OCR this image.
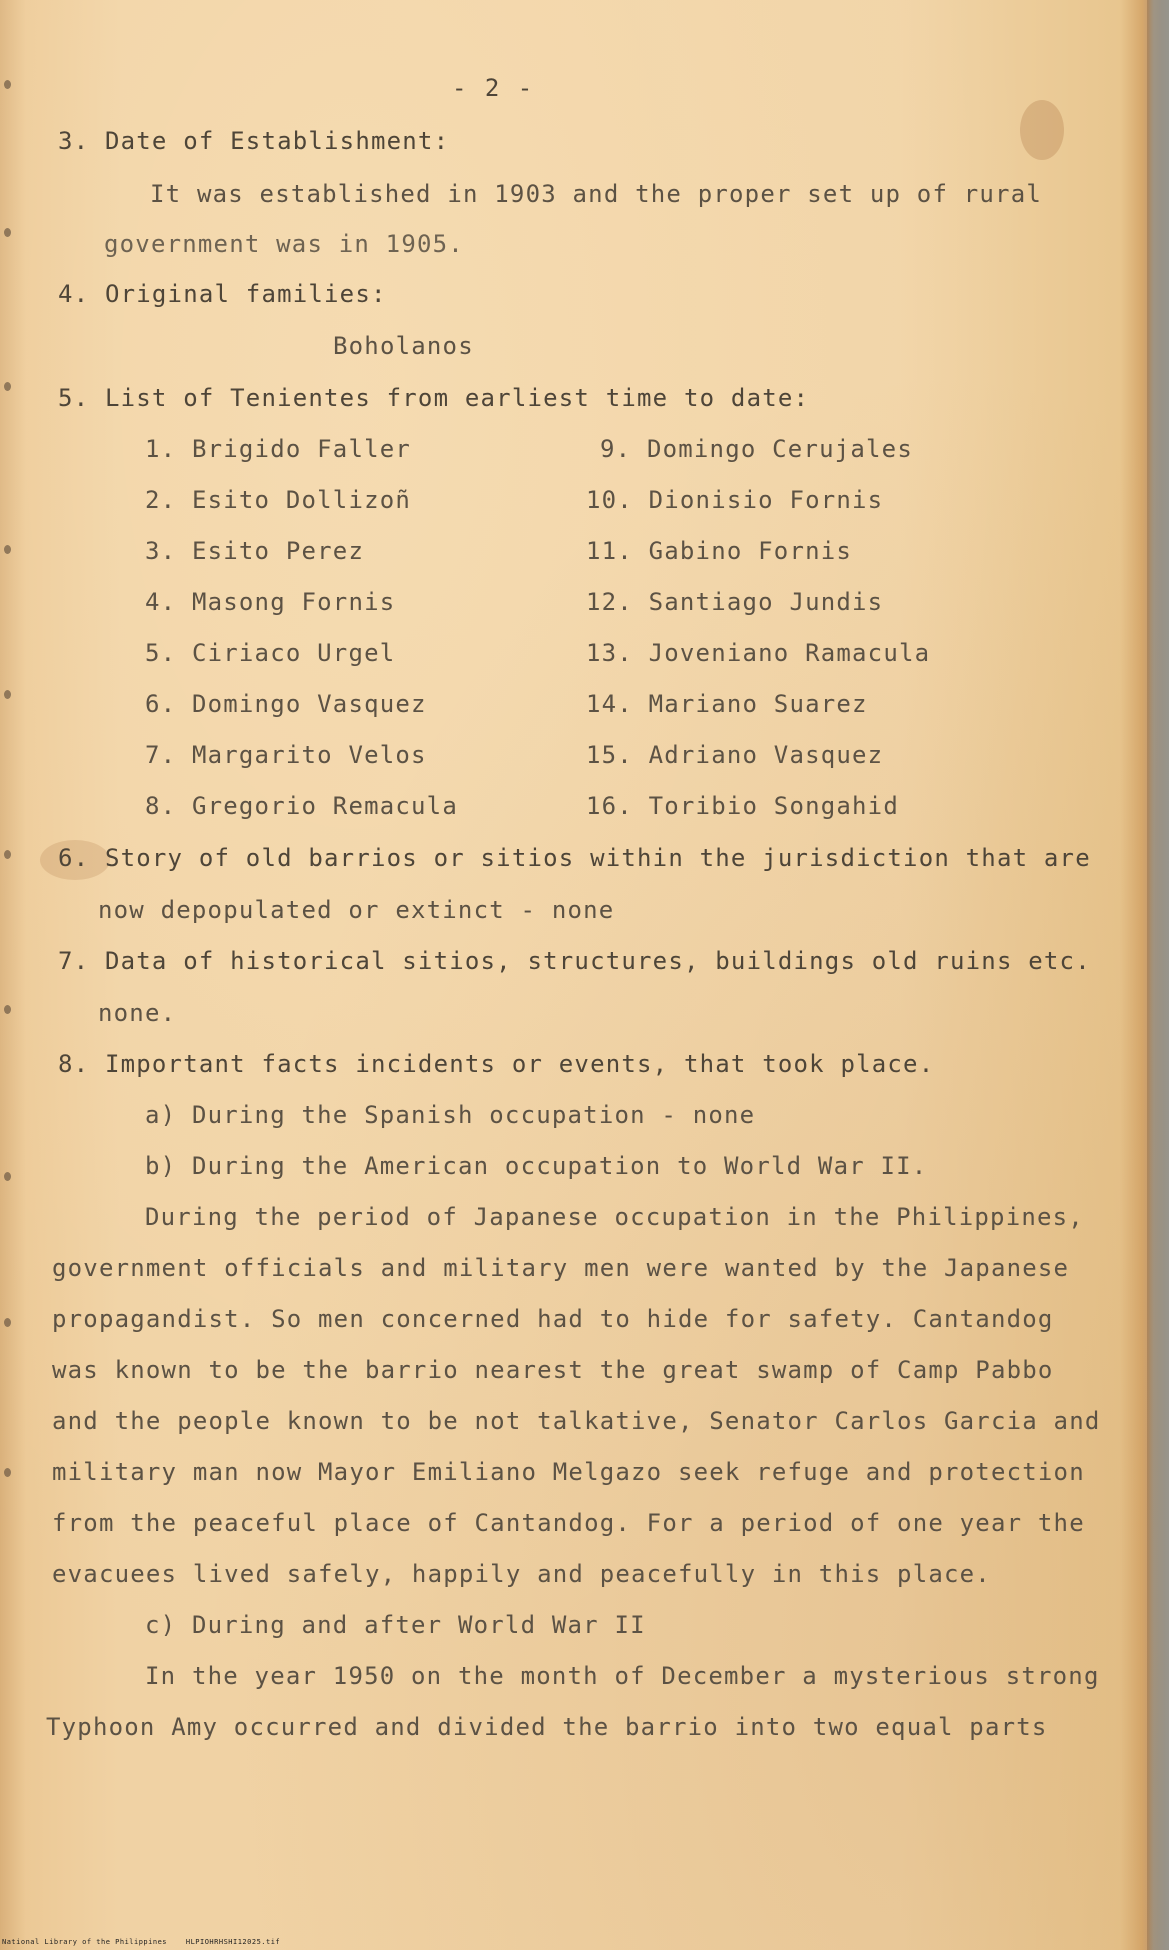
- 2 -
3. Date of Establishment:
It was established in 1903 and the proper set up of rural
government was in 1905.
4. Original families:
Boholanos
5. List of Tenientes from earliest time to date:
1. Brigido Faller
2. Esito Dollizoñ
3. Esito Perez
4. Masong Fornis
5. Ciriaco Urgel
6. Domingo Vasquez
7. Margarito Velos
8. Gregorio Remacula
9. Domingo Cerujales
10. Dionisio Fornis
11. Gabino Fornis
12. Santiago Jundis
13. Joveniano Ramacula
14. Mariano Suarez
15. Adriano Vasquez
16. Toribio Songahid
6. Story of old barrios or sitios within the jurisdiction that are
now depopulated or extinct - none
7. Data of historical sitios, structures, buildings old ruins etc.
none.
8. Important facts incidents or events, that took place.
a) During the Spanish occupation - none
b) During the American occupation to World War II.
During the period of Japanese occupation in the Philippines,
government officials and military men were wanted by the Japanese
propagandist. So men concerned had to hide for safety. Cantandog
was known to be the barrio nearest the great swamp of Camp Pabbo
and the people known to be not talkative, Senator Carlos Garcia and
military man now Mayor Emiliano Melgazo seek refuge and protection
from the peaceful place of Cantandog. For a period of one year the
evacuees lived safely, happily and peacefully in this place.
c) During and after World War II
In the year 1950 on the month of December a mysterious strong
Typhoon Amy occurred and divided the barrio into two equal parts
National Library of the Philippines    HLPIOHRHSHI12025.tif
